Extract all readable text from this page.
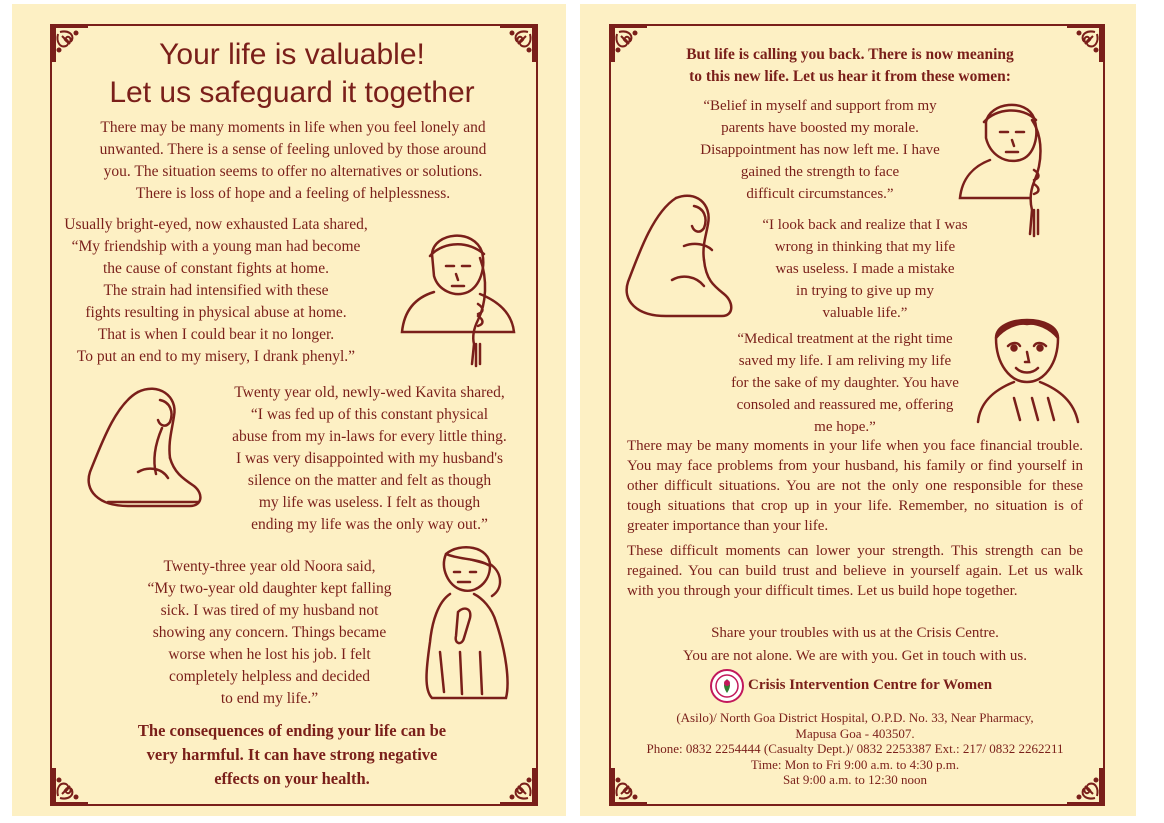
Your life is valuable!
Let us safeguard it together
There may be many moments in life when you feel lonely and
unwanted. There is a sense of feeling unloved by those around
you. The situation seems to offer no alternatives or solutions.
There is loss of hope and a feeling of helplessness.
Usually bright-eyed, now exhausted Lata shared,
“My friendship with a young man had become
the cause of constant fights at home.
The strain had intensified with these
fights resulting in physical abuse at home.
That is when I could bear it no longer.
To put an end to my misery, I drank phenyl.”
Twenty year old, newly-wed Kavita shared,
“I was fed up of this constant physical
abuse from my in-laws for every little thing.
I was very disappointed with my husband's
silence on the matter and felt as though
my life was useless. I felt as though
ending my life was the only way out.”
Twenty-three year old Noora said,
“My two-year old daughter kept falling
sick. I was tired of my husband not
showing any concern. Things became
worse when he lost his job. I felt
completely helpless and decided
to end my life.”
The consequences of ending your life can be
very harmful. It can have strong negative
effects on your health.
But life is calling you back. There is now meaning
to this new life. Let us hear it from these women:
“Belief in myself and support from my
parents have boosted my morale.
Disappointment has now left me. I have
gained the strength to face
difficult circumstances.”
“I look back and realize that I was
wrong in thinking that my life
was useless. I made a mistake
in trying to give up my
valuable life.”
“Medical treatment at the right time
saved my life. I am reliving my life
for the sake of my daughter. You have
consoled and reassured me, offering
me hope.”
There may be many moments in your life when you face financial trouble. You may face problems from your husband, his family or find yourself in other difficult situations. You are not the only one responsible for these tough situations that crop up in your life. Remember, no situation is of greater importance than your life.
These difficult moments can lower your strength. This strength can be regained. You can build trust and believe in yourself again. Let us walk with you through your difficult times. Let us build hope together.
Share your troubles with us at the Crisis Centre.
You are not alone. We are with you. Get in touch with us.
Crisis Intervention Centre for Women
(Asilo)/ North Goa District Hospital, O.P.D. No. 33, Near Pharmacy,
Mapusa Goa - 403507.
Phone: 0832 2254444 (Casualty Dept.)/ 0832 2253387 Ext.: 217/ 0832 2262211
Time: Mon to Fri 9:00 a.m. to 4:30 p.m.
Sat 9:00 a.m. to 12:30 noon
